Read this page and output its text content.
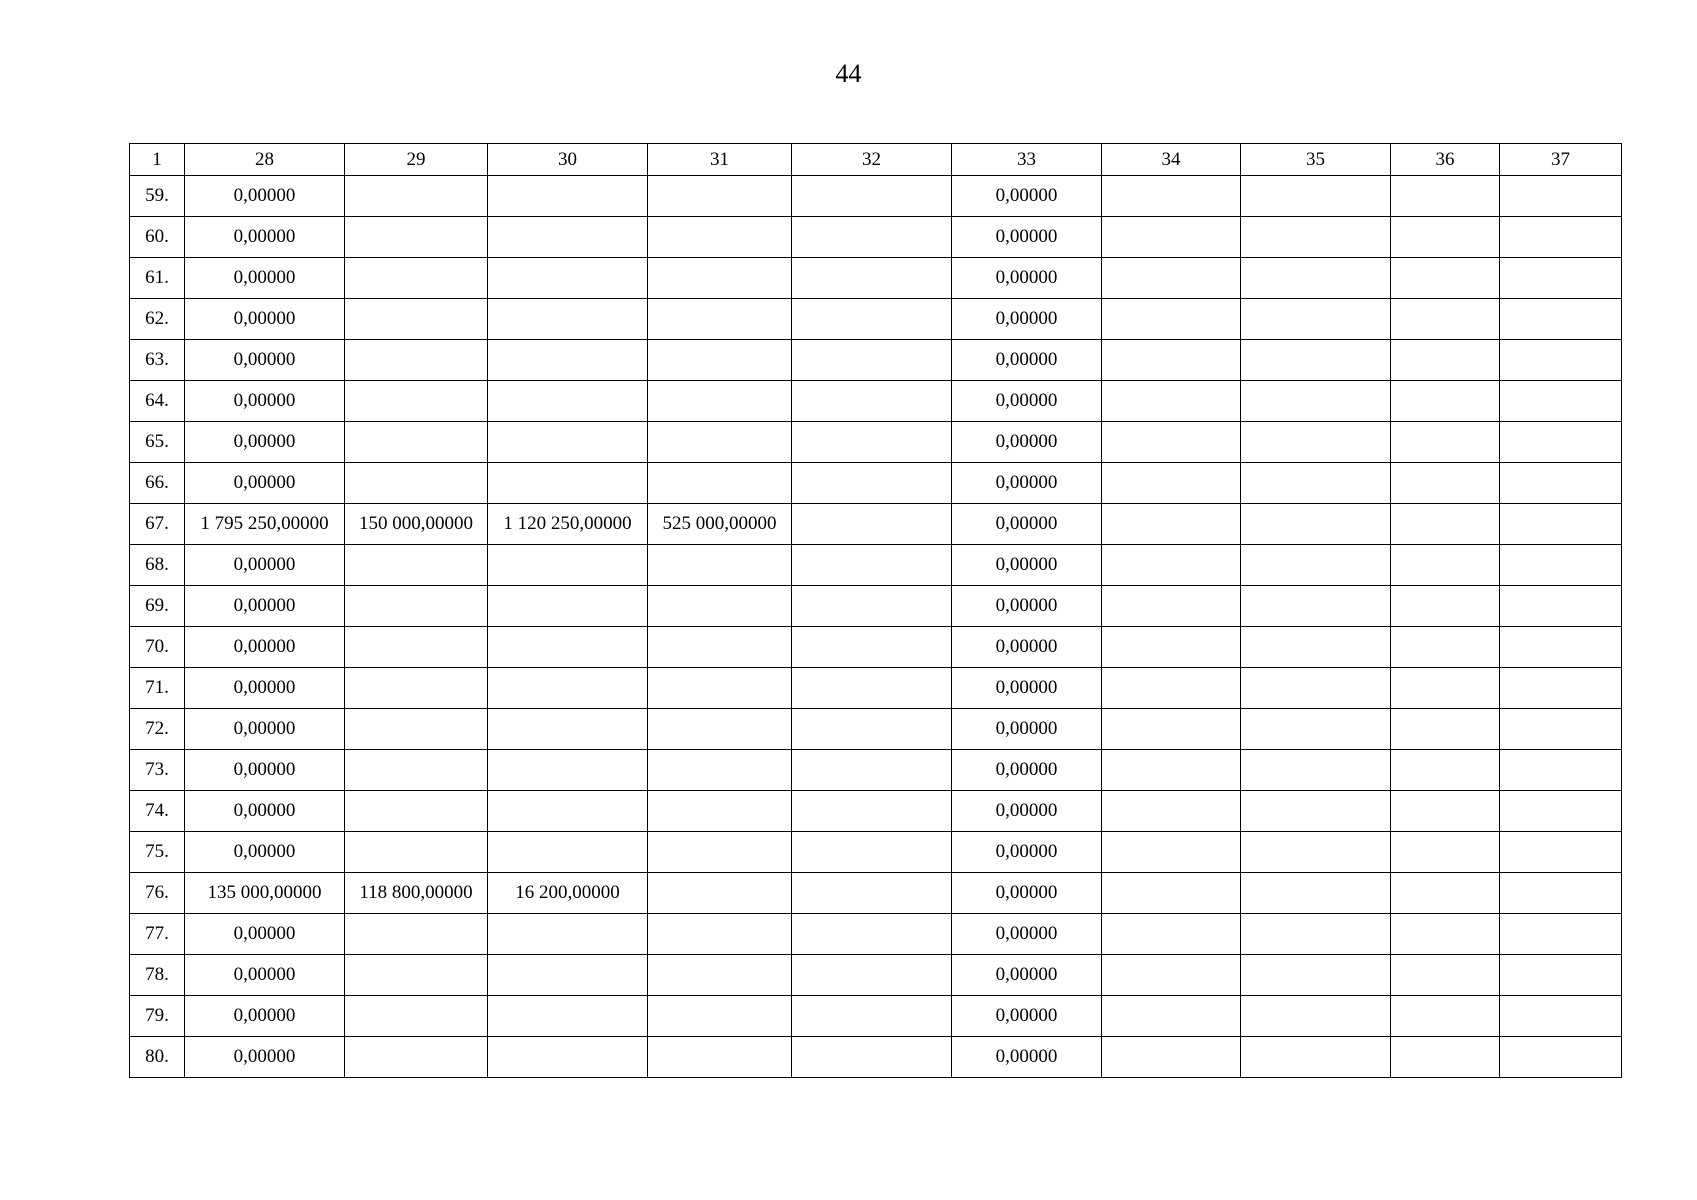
44
1	28	29	30	31	32	33	34	35	36	37
59.	0,00000					0,00000				
60.	0,00000					0,00000				
61.	0,00000					0,00000				
62.	0,00000					0,00000				
63.	0,00000					0,00000				
64.	0,00000					0,00000				
65.	0,00000					0,00000				
66.	0,00000					0,00000				
67.	1 795 250,00000	150 000,00000	1 120 250,00000	525 000,00000		0,00000				
68.	0,00000					0,00000				
69.	0,00000					0,00000				
70.	0,00000					0,00000				
71.	0,00000					0,00000				
72.	0,00000					0,00000				
73.	0,00000					0,00000				
74.	0,00000					0,00000				
75.	0,00000					0,00000				
76.	135 000,00000	118 800,00000	16 200,00000			0,00000				
77.	0,00000					0,00000				
78.	0,00000					0,00000				
79.	0,00000					0,00000				
80.	0,00000					0,00000				
